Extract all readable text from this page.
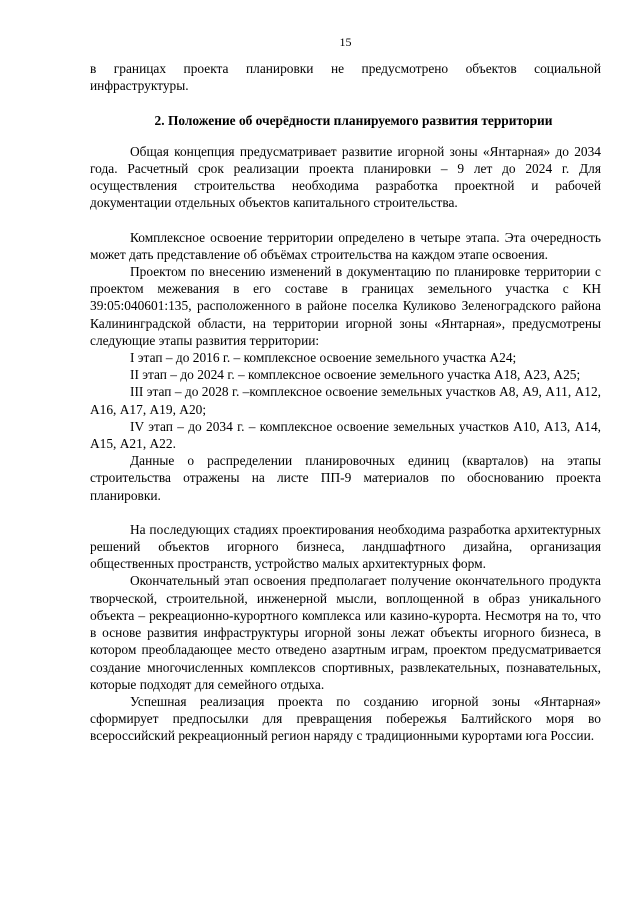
15

в границах проекта планировки не предусмотрено объектов социальной инфраструктуры.

2. Положение об очерёдности планируемого развития территории

Общая концепция предусматривает развитие игорной зоны «Янтарная» до 2034 года. Расчетный срок реализации проекта планировки – 9 лет до 2024 г. Для осуществления строительства необходима разработка проектной и рабочей документации отдельных объектов капитального строительства.

Комплексное освоение территории определено в четыре этапа. Эта очередность может дать представление об объёмах строительства на каждом этапе освоения.

Проектом по внесению изменений в документацию по планировке территории с проектом межевания в его составе в границах земельного участка с КН 39:05:040601:135, расположенного в районе поселка Куликово Зеленоградского района Калининградской области, на территории игорной зоны «Янтарная», предусмотрены следующие этапы развития территории:

I этап – до 2016 г. – комплексное освоение земельного участка А24;

II этап – до 2024 г. – комплексное освоение земельного участка А18, А23, А25;

III этап – до 2028 г. –комплексное освоение земельных участков А8, А9, А11, А12, А16, А17, А19, А20;

IV этап – до 2034 г. – комплексное освоение земельных участков А10, А13, А14, А15, А21, А22.

Данные о распределении планировочных единиц (кварталов) на этапы строительства отражены на листе ПП-9 материалов по обоснованию проекта планировки.

На последующих стадиях проектирования необходима разработка архитектурных решений объектов игорного бизнеса, ландшафтного дизайна, организация общественных пространств, устройство малых архитектурных форм.

Окончательный этап освоения предполагает получение окончательного продукта творческой, строительной, инженерной мысли, воплощенной в образ уникального объекта – рекреационно-курортного комплекса или казино-курорта. Несмотря на то, что в основе развития инфраструктуры игорной зоны лежат объекты игорного бизнеса, в котором преобладающее место отведено азартным играм, проектом предусматривается создание многочисленных комплексов спортивных, развлекательных, познавательных, которые подходят для семейного отдыха.

Успешная реализация проекта по созданию игорной зоны «Янтарная» сформирует предпосылки для превращения побережья Балтийского моря во всероссийский рекреационный регион наряду с традиционными курортами юга России.
